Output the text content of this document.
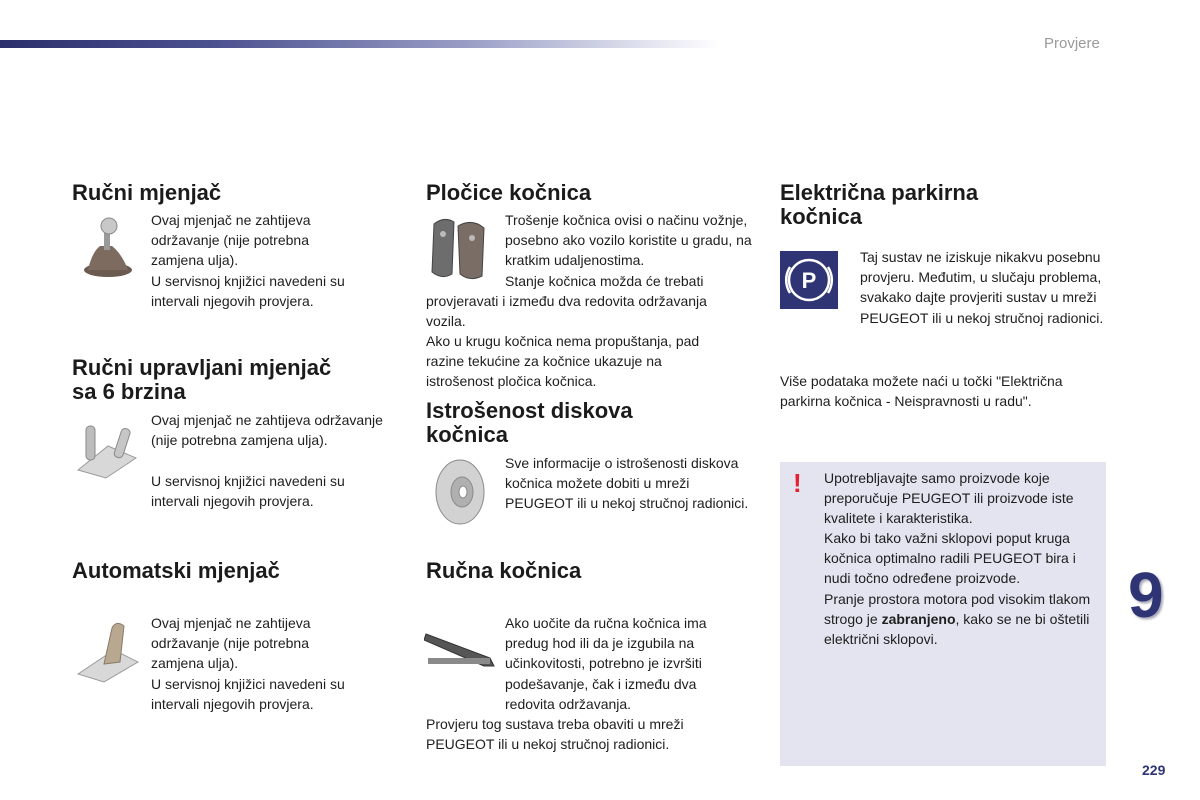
Provjere
Ručni mjenjač

Ovaj mjenjač ne zahtijeva održavanje (nije potrebna zamjena ulja).

U servisnoj knjižici navedeni su intervali njegovih provjera.

Ručni upravljani mjenjač
sa 6 brzina

Ovaj mjenjač ne zahtijeva održavanje (nije potrebna zamjena ulja).

U servisnoj knjižici navedeni su intervali njegovih provjera.

Automatski mjenjač

Ovaj mjenjač ne zahtijeva održavanje (nije potrebna zamjena ulja).

U servisnoj knjižici navedeni su intervali njegovih provjera.

Pločice kočnica

Trošenje kočnica ovisi o načinu vožnje, posebno ako vozilo koristite u gradu, na kratkim udaljenostima.

Stanje kočnica možda će trebati

provjeravati i između dva redovita održavanja vozila.

Ako u krugu kočnica nema propuštanja, pad razine tekućine za kočnice ukazuje na istrošenost pločica kočnica.

Istrošenost diskova
kočnica

Sve informacije o istrošenosti diskova kočnica možete dobiti u mreži PEUGEOT ili u nekoj stručnoj radionici.

Ručna kočnica

Ako uočite da ručna kočnica ima predug hod ili da je izgubila na učinkovitosti, potrebno je izvršiti podešavanje, čak i između dva redovita održavanja.

Provjeru tog sustava treba obaviti u mreži PEUGEOT ili u nekoj stručnoj radionici.

Električna parkirna
kočnica
P

Taj sustav ne iziskuje nikakvu posebnu provjeru. Međutim, u slučaju problema, svakako dajte provjeriti sustav u mreži PEUGEOT ili u nekoj stručnoj radionici.

Više podataka možete naći u točki "Električna parkirna kočnica - Neispravnosti u radu".

! Upotrebljavajte samo proizvode koje preporučuje PEUGEOT ili proizvode iste kvalitete i karakteristika.

Kako bi tako važni sklopovi poput kruga kočnica optimalno radili PEUGEOT bira i nudi točno određene proizvode.

Pranje prostora motora pod visokim tlakom strogo je zabranjeno, kako se ne bi oštetili električni sklopovi.

9
229
